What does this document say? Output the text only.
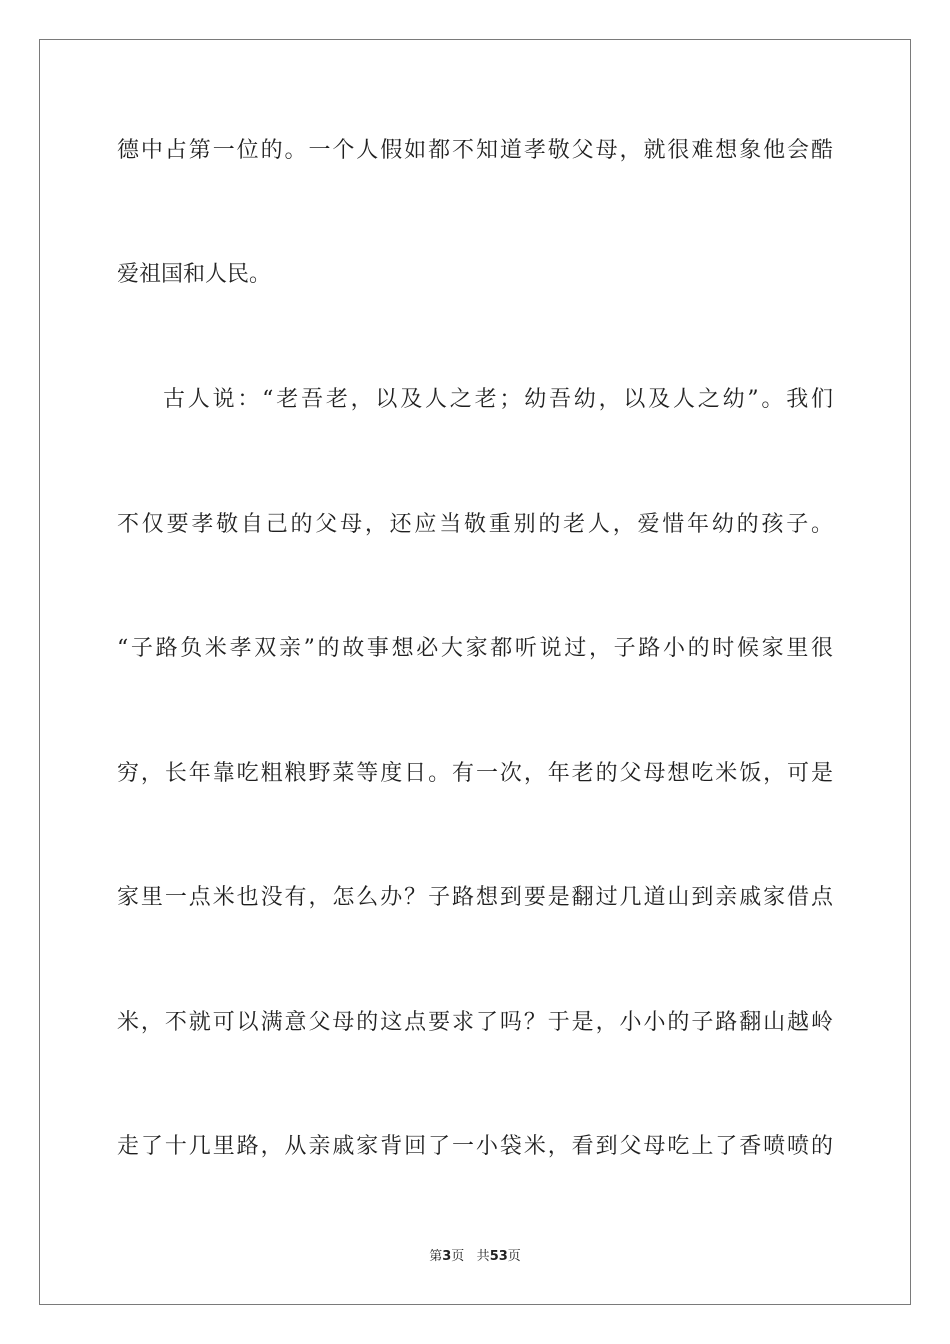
德中占第一位的。一个人假如都不知道孝敬父母，就很难想象他会酷
爱祖国和人民。
古人说：“老吾老，以及人之老；幼吾幼，以及人之幼”。我们
不仅要孝敬自己的父母，还应当敬重别的老人，爱惜年幼的孩子。
“子路负米孝双亲”的故事想必大家都听说过，子路小的时候家里很
穷，长年靠吃粗粮野菜等度日。有一次，年老的父母想吃米饭，可是
家里一点米也没有，怎么办？子路想到要是翻过几道山到亲戚家借点
米，不就可以满意父母的这点要求了吗？于是，小小的子路翻山越岭
走了十几里路，从亲戚家背回了一小袋米，看到父母吃上了香喷喷的
第3页 共53页
